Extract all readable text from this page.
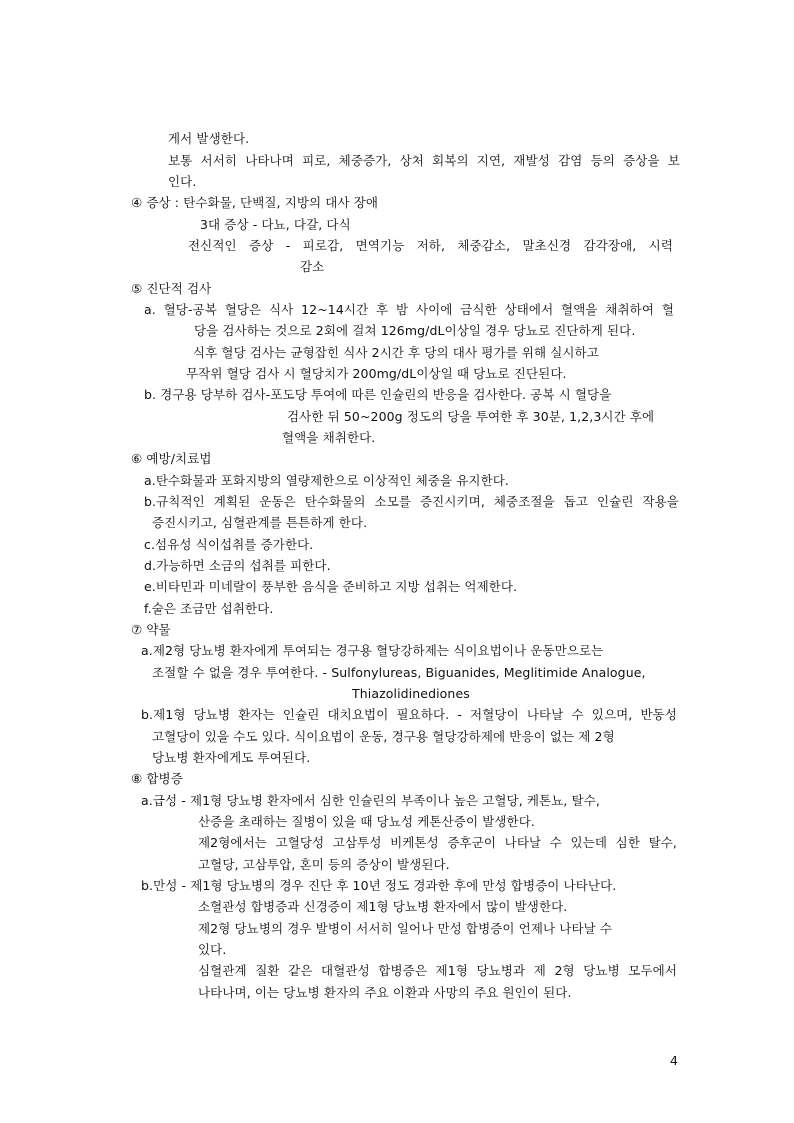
게서 발생한다.
보통 서서히 나타나며 피로, 체중증가, 상처 회복의 지연, 재발성 감염 등의 증상을 보
인다.
④ 증상 : 탄수화물, 단백질, 지방의 대사 장애
3대 증상 - 다뇨, 다갈, 다식
전신적인 증상 - 피로감, 면역기능 저하, 체중감소, 말초신경 감각장애, 시력
감소
⑤ 진단적 검사
a. 혈당-공복 혈당은 식사 12~14시간 후 밤 사이에 금식한 상태에서 혈액을 채취하여 혈
당을 검사하는 것으로 2회에 걸쳐 126mg/dL이상일 경우 당뇨로 진단하게 된다.
식후 혈당 검사는 균형잡힌 식사 2시간 후 당의 대사 평가를 위해 실시하고
무작위 혈당 검사 시 혈당치가 200mg/dL이상일 때 당뇨로 진단된다.
b. 경구용 당부하 검사-포도당 투여에 따른 인슐린의 반응을 검사한다. 공복 시 혈당을
검사한 뒤 50~200g 정도의 당을 투여한 후 30분, 1,2,3시간 후에
혈액을 채취한다.
⑥ 예방/치료법
a.탄수화물과 포화지방의 열량제한으로 이상적인 체중을 유지한다.
b.규칙적인 계획된 운동은 탄수화물의 소모를 증진시키며, 체중조절을 돕고 인슐린 작용을
증진시키고, 심혈관계를 튼튼하게 한다.
c.섬유성 식이섭취를 증가한다.
d.가능하면 소금의 섭취를 피한다.
e.비타민과 미네랄이 풍부한 음식을 준비하고 지방 섭취는 억제한다.
f.술은 조금만 섭취한다.
⑦ 약물
a.제2형 당뇨병 환자에게 투여되는 경구용 혈당강하제는 식이요법이나 운동만으로는
조절할 수 없을 경우 투여한다. - Sulfonylureas, Biguanides, Meglitimide Analogue,
Thiazolidinediones
b.제1형 당뇨병 환자는 인슐린 대치요법이 필요하다. - 저혈당이 나타날 수 있으며, 반동성
고혈당이 있을 수도 있다. 식이요법이 운동, 경구용 혈당강하제에 반응이 없는 제 2형
당뇨병 환자에게도 투여된다.
⑧ 합병증
a.급성 - 제1형 당뇨병 환자에서 심한 인슐린의 부족이나 높은 고혈당, 케톤뇨, 탈수,
산증을 초래하는 질병이 있을 때 당뇨성 케톤산증이 발생한다.
제2형에서는 고혈당성 고삼투성 비케톤성 증후군이 나타날 수 있는데 심한 탈수,
고혈당, 고삼투압, 혼미 등의 증상이 발생된다.
b.만성 - 제1형 당뇨병의 경우 진단 후 10년 정도 경과한 후에 만성 합병증이 나타난다.
소혈관성 합병증과 신경증이 제1형 당뇨병 환자에서 많이 발생한다.
제2형 당뇨병의 경우 발병이 서서히 일어나 만성 합병증이 언제나 나타날 수
있다.
심혈관계 질환 같은 대혈관성 합병증은 제1형 당뇨병과 제 2형 당뇨병 모두에서
나타나며, 이는 당뇨병 환자의 주요 이환과 사망의 주요 원인이 된다.
4
